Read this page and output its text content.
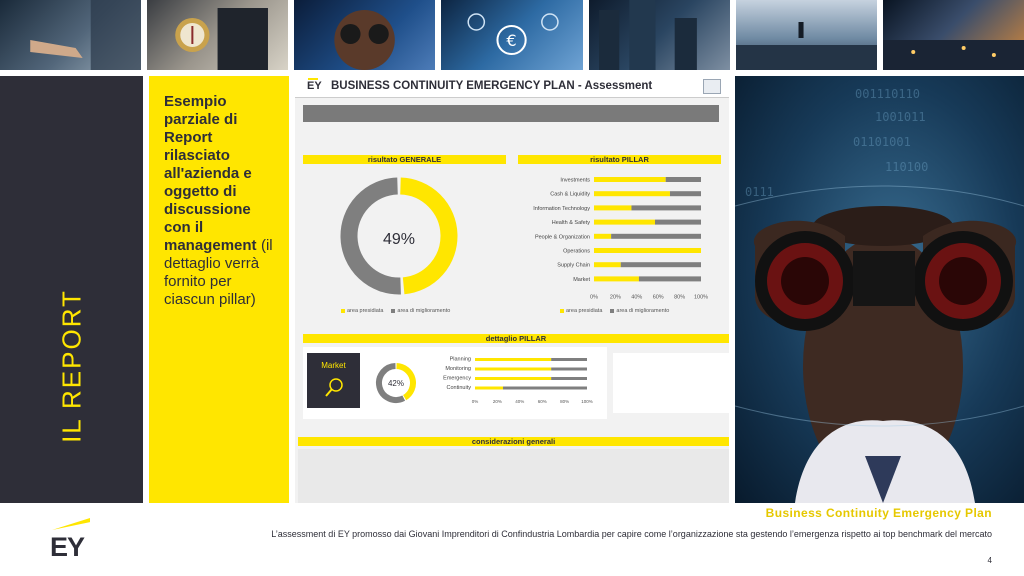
€
IL REPORT
Esempio parziale di Report rilasciato all'azienda e oggetto di discussione con il management (il dettaglio verrà fornito per ciascun pillar)
EY BUSINESS CONTINUITY EMERGENCY PLAN - Assessment
risultato GENERALE
49%
area presidiata	area di miglioramento
risultato PILLAR
Investments
Cash & Liquidity
Information Technology
Health & Safety
People & Organization
Operations
Supply Chain
Market
0% 20% 40% 60% 80% 100%
area presidiata	area di miglioramento
dettaglio PILLAR
Market
42%
Planning
Monitoring
Emergency
Continuity
0%	20%	40%	60%	80%	100%
considerazioni generali
001110110
1001011
01101001
110100
0111
Business Continuity Emergency Plan
L’assessment di EY promosso dai Giovani Imprenditori di Confindustria Lombardia per capire come l’organizzazione sta gestendo l’emergenza rispetto ai top benchmark del mercato
4
EY
